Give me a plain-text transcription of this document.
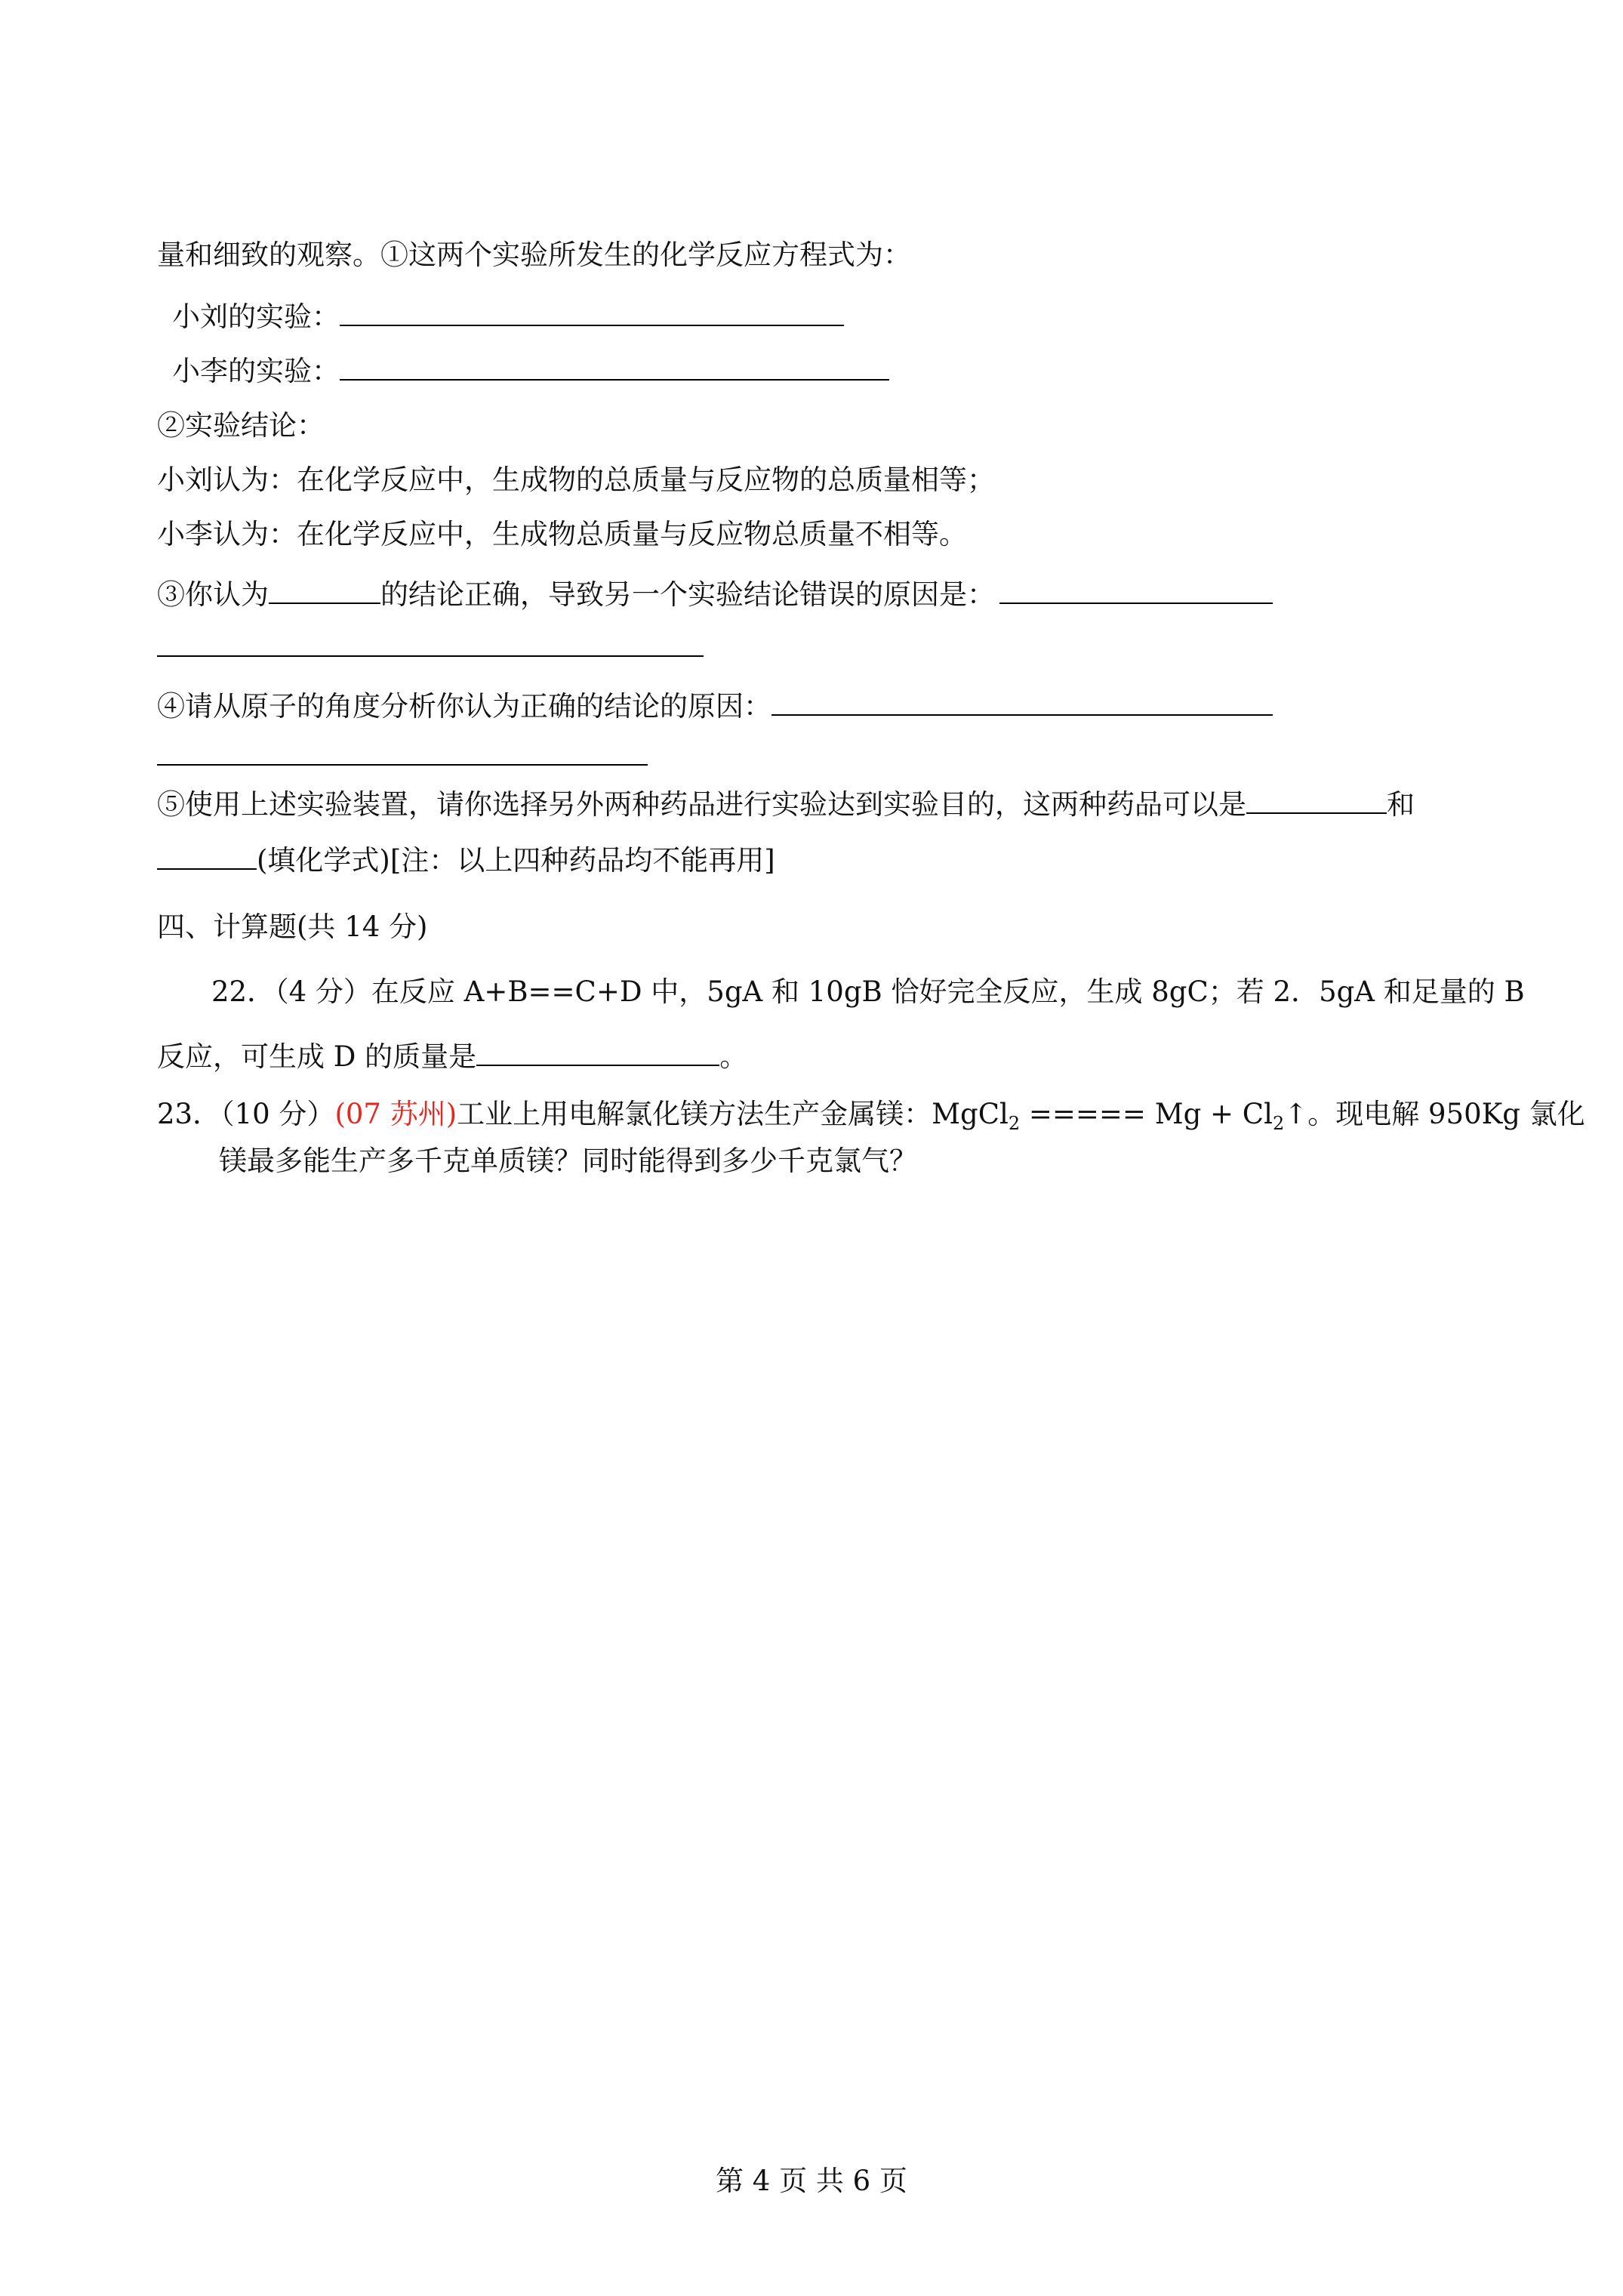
量和细致的观察。①这两个实验所发生的化学反应方程式为：
小刘的实验：
小李的实验：
②实验结论：
小刘认为：在化学反应中，生成物的总质量与反应物的总质量相等；
小李认为：在化学反应中，生成物总质量与反应物总质量不相等。
③你认为	的结论正确，导致另一个实验结论错误的原因是：
④请从原子的角度分析你认为正确的结论的原因：
⑤使用上述实验装置，请你选择另外两种药品进行实验达到实验目的，这两种药品可以是	和
(填化学式)[注：以上四种药品均不能再用]
四、计算题(共 14 分)
22．（4 分）在反应 A+B==C+D 中，5gA 和 10gB 恰好完全反应，生成 8gC；若 2．5gA 和足量的 B
反应，可生成 D 的质量是	。
23．（10 分）(07 苏州)工业上用电解氯化镁方法生产金属镁：MgCl$_2$ ===== $Mg + Cl_2↑$。现电解 950Kg 氯化
镁最多能生产多千克单质镁？同时能得到多少千克氯气？
第 4 页 共 6 页
